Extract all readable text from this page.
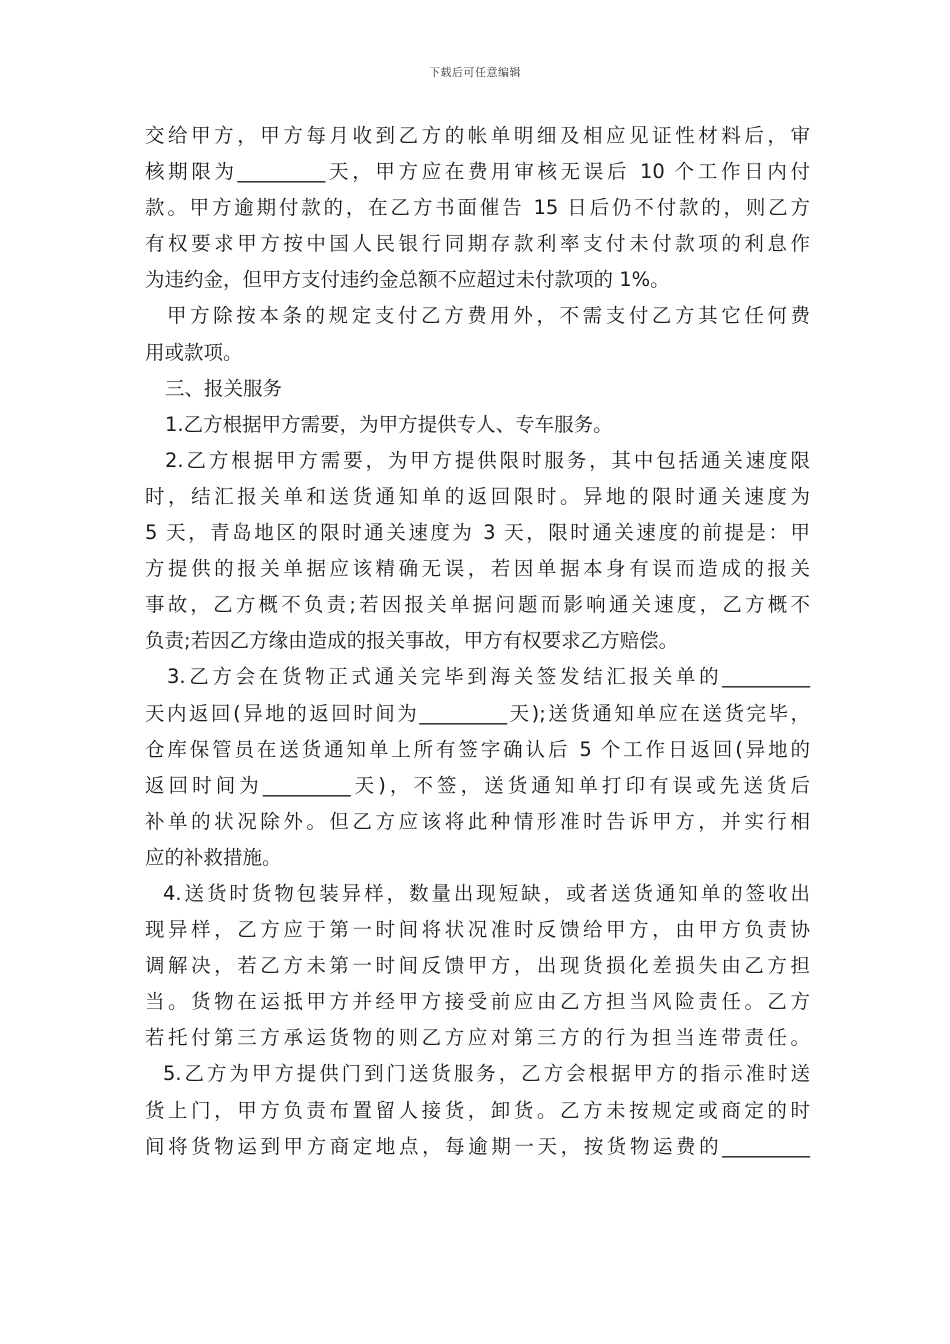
下载后可任意编辑
交给甲方，甲方每月收到乙方的帐单明细及相应见证性材料后，审
核期限为_________天，甲方应在费用审核无误后 10 个工作日内付
款。甲方逾期付款的，在乙方书面催告 15 日后仍不付款的，则乙方
有权要求甲方按中国人民银行同期存款利率支付未付款项的利息作
为违约金，但甲方支付违约金总额不应超过未付款项的 1%。
甲方除按本条的规定支付乙方费用外，不需支付乙方其它任何费
用或款项。
三、报关服务
1.乙方根据甲方需要，为甲方提供专人、专车服务。
2.乙方根据甲方需要，为甲方提供限时服务，其中包括通关速度限
时，结汇报关单和送货通知单的返回限时。异地的限时通关速度为
5 天，青岛地区的限时通关速度为 3 天，限时通关速度的前提是：甲
方提供的报关单据应该精确无误，若因单据本身有误而造成的报关
事故，乙方概不负责;若因报关单据问题而影响通关速度，乙方概不
负责;若因乙方缘由造成的报关事故，甲方有权要求乙方赔偿。
3.乙方会在货物正式通关完毕到海关签发结汇报关单的_________
天内返回(异地的返回时间为_________天);送货通知单应在送货完毕，
仓库保管员在送货通知单上所有签字确认后 5 个工作日返回(异地的
返回时间为_________天)，不签，送货通知单打印有误或先送货后
补单的状况除外。但乙方应该将此种情形准时告诉甲方，并实行相
应的补救措施。
4.送货时货物包装异样，数量出现短缺，或者送货通知单的签收出
现异样，乙方应于第一时间将状况准时反馈给甲方，由甲方负责协
调解决，若乙方未第一时间反馈甲方，出现货损化差损失由乙方担
当。货物在运抵甲方并经甲方接受前应由乙方担当风险责任。乙方
若托付第三方承运货物的则乙方应对第三方的行为担当连带责任。
5.乙方为甲方提供门到门送货服务，乙方会根据甲方的指示准时送
货上门，甲方负责布置留人接货，卸货。乙方未按规定或商定的时
间将货物运到甲方商定地点，每逾期一天，按货物运费的_________
